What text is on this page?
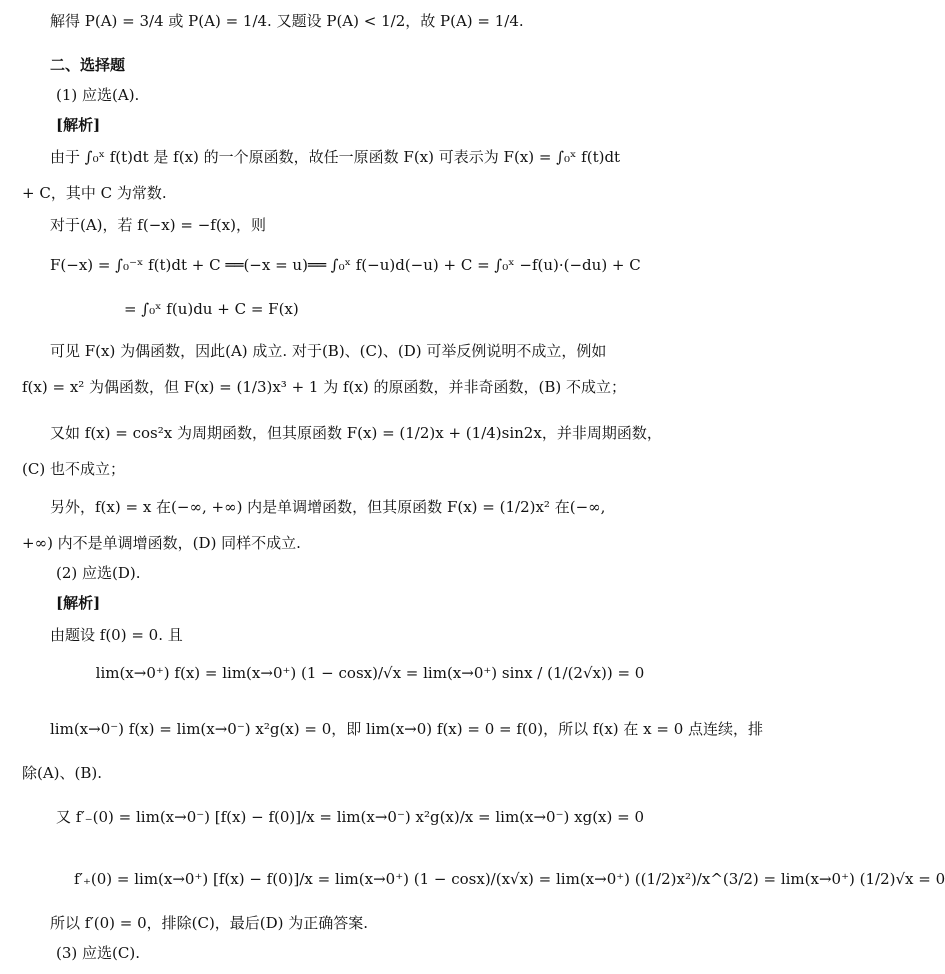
解得 P(A) = 3/4 或 P(A) = 1/4. 又题设 P(A) < 1/2，故 P(A) = 1/4.
二、选择题
(1) 应选(A).
[解析]
由于 ∫₀ˣ f(t)dt 是 f(x) 的一个原函数，故任一原函数 F(x) 可表示为 F(x) = ∫₀ˣ f(t)dt
+ C，其中 C 为常数.
对于(A)，若 f(−x) = −f(x)，则
F(−x) = ∫₀⁻ˣ f(t)dt + C ══(−x = u)══ ∫₀ˣ f(−u)d(−u) + C = ∫₀ˣ −f(u)·(−du) + C
= ∫₀ˣ f(u)du + C = F(x)
可见 F(x) 为偶函数，因此(A) 成立. 对于(B)、(C)、(D) 可举反例说明不成立，例如
f(x) = x² 为偶函数，但 F(x) = (1/3)x³ + 1 为 f(x) 的原函数，并非奇函数，(B) 不成立；
又如 f(x) = cos²x 为周期函数，但其原函数 F(x) = (1/2)x + (1/4)sin2x，并非周期函数，
(C) 也不成立；
另外，f(x) = x 在(−∞, +∞) 内是单调增函数，但其原函数 F(x) = (1/2)x² 在(−∞,
+∞) 内不是单调增函数，(D) 同样不成立.
(2) 应选(D).
[解析]
由题设 f(0) = 0. 且
lim(x→0⁺) f(x) = lim(x→0⁺) (1 − cosx)/√x = lim(x→0⁺) sinx / (1/(2√x)) = 0
lim(x→0⁻) f(x) = lim(x→0⁻) x²g(x) = 0，即 lim(x→0) f(x) = 0 = f(0)，所以 f(x) 在 x = 0 点连续，排
除(A)、(B).
又 f′₋(0) = lim(x→0⁻) [f(x) − f(0)]/x = lim(x→0⁻) x²g(x)/x = lim(x→0⁻) xg(x) = 0
f′₊(0) = lim(x→0⁺) [f(x) − f(0)]/x = lim(x→0⁺) (1 − cosx)/(x√x) = lim(x→0⁺) ((1/2)x²)/x^(3/2) = lim(x→0⁺) (1/2)√x = 0
所以 f′(0) = 0，排除(C)，最后(D) 为正确答案.
(3) 应选(C).
